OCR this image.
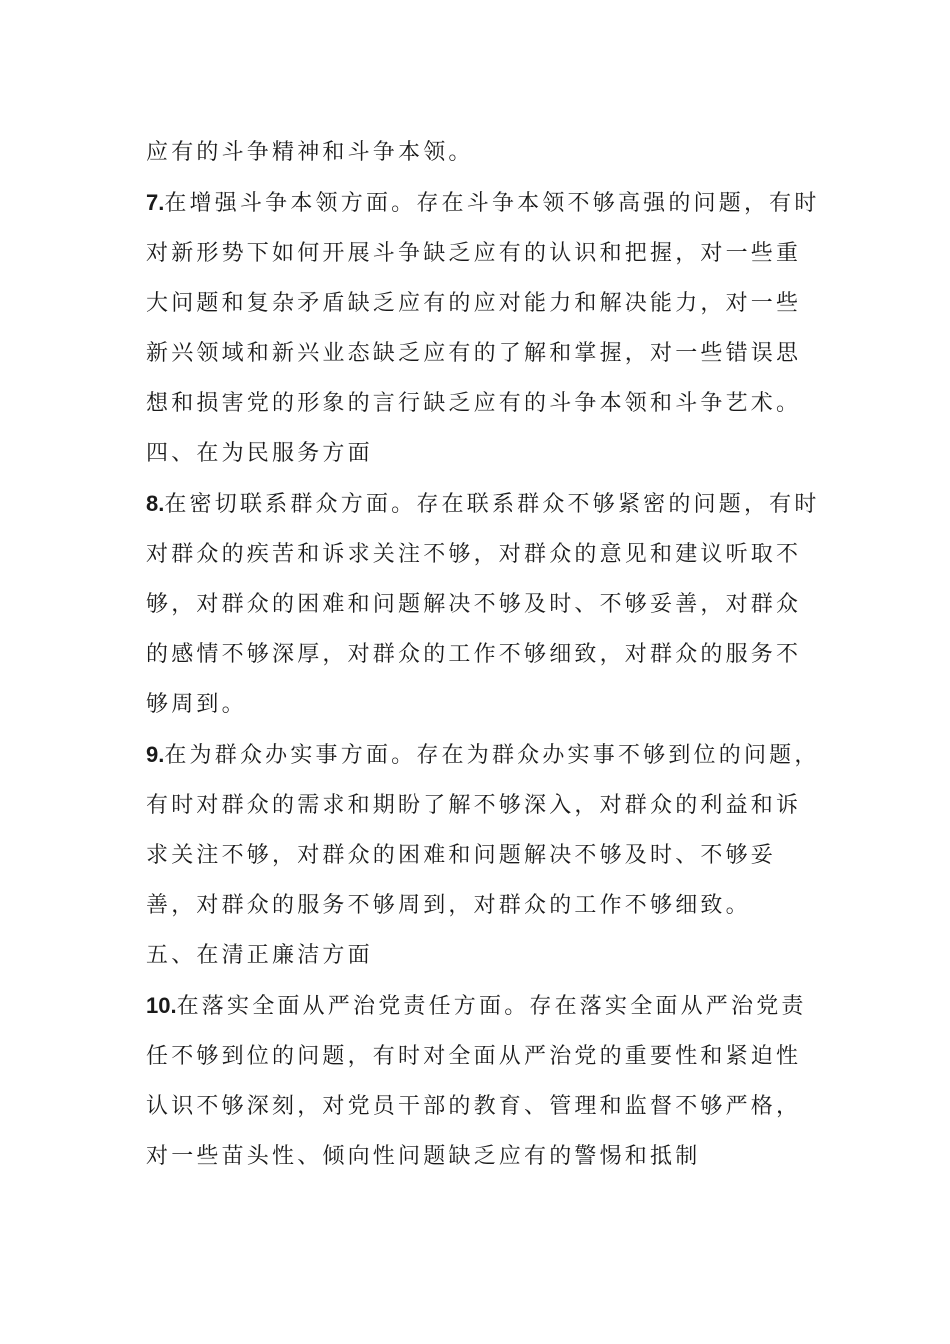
应有的斗争精神和斗争本领。

7.在增强斗争本领方面。存在斗争本领不够高强的问题，有时对新形势下如何开展斗争缺乏应有的认识和把握，对一些重大问题和复杂矛盾缺乏应有的应对能力和解决能力，对一些新兴领域和新兴业态缺乏应有的了解和掌握，对一些错误思想和损害党的形象的言行缺乏应有的斗争本领和斗争艺术。

四、在为民服务方面

8.在密切联系群众方面。存在联系群众不够紧密的问题，有时对群众的疾苦和诉求关注不够，对群众的意见和建议听取不够，对群众的困难和问题解决不够及时、不够妥善，对群众的感情不够深厚，对群众的工作不够细致，对群众的服务不够周到。

9.在为群众办实事方面。存在为群众办实事不够到位的问题，有时对群众的需求和期盼了解不够深入，对群众的利益和诉求关注不够，对群众的困难和问题解决不够及时、不够妥善，对群众的服务不够周到，对群众的工作不够细致。

五、在清正廉洁方面

10.在落实全面从严治党责任方面。存在落实全面从严治党责任不够到位的问题，有时对全面从严治党的重要性和紧迫性认识不够深刻，对党员干部的教育、管理和监督不够严格，对一些苗头性、倾向性问题缺乏应有的警惕和抵制
